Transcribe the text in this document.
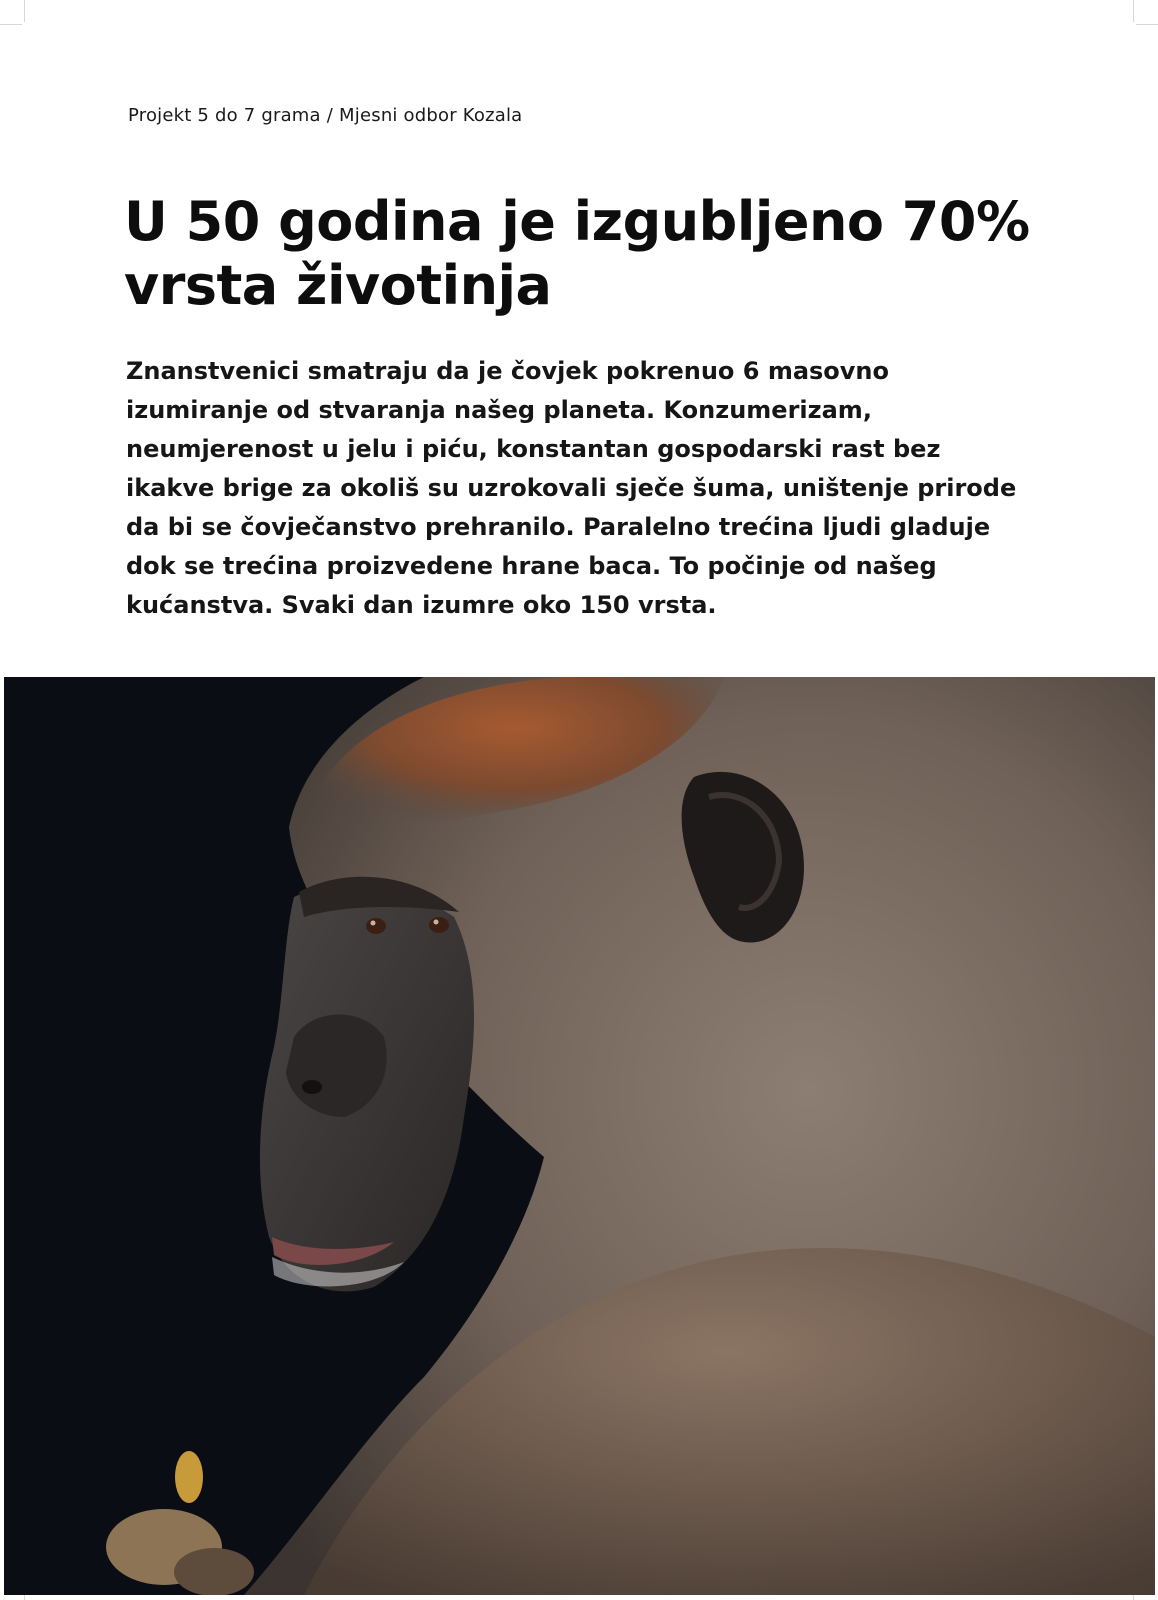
Projekt 5 do 7 grama / Mjesni odbor Kozala
U 50 godina je izgubljeno 70%
vrsta životinja

Znanstvenici smatraju da je čovjek pokrenuo 6 masovno izumiranje od stvaranja našeg planeta. Konzumerizam, neumjerenost u jelu i piću, konstantan gospodarski rast bez ikakve brige za okoliš su uzrokovali sječe šuma, uništenje prirode da bi se čovječanstvo prehranilo. Paralelno trećina ljudi gladuje dok se trećina proizvedene hrane baca. To počinje od našeg kućanstva. Svaki dan izumre oko 150 vrsta.
